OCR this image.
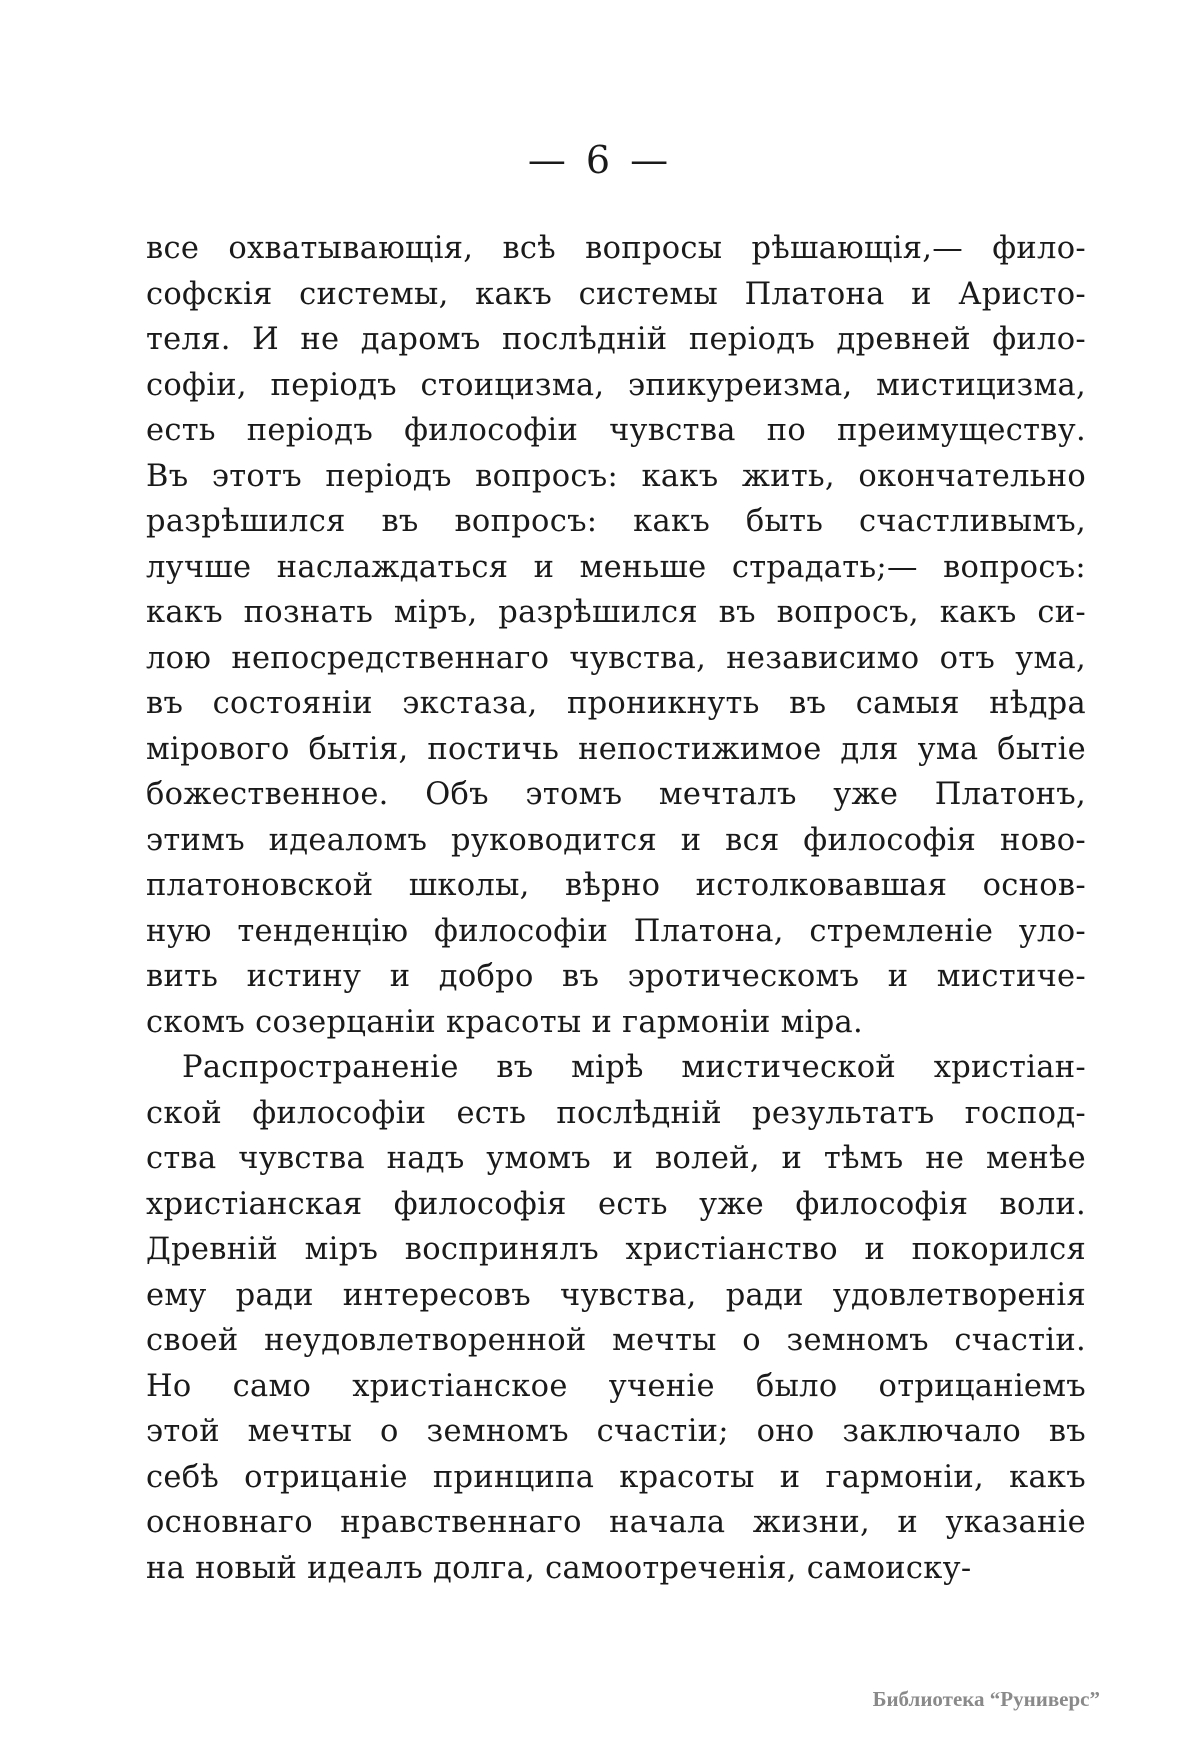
— 6 —
все охватывающія, всѣ вопросы рѣшающія,— фило-
софскія системы, какъ системы Платона и Аристо-
теля. И не даромъ послѣдній періодъ древней фило-
софіи, періодъ стоицизма, эпикуреизма, мистицизма,
есть періодъ философіи чувства по преимуществу.
Въ этотъ періодъ вопросъ: какъ жить, окончательно
разрѣшился въ вопросъ: какъ быть счастливымъ,
лучше наслаждаться и меньше страдать;— вопросъ:
какъ познать міръ, разрѣшился въ вопросъ, какъ си-
лою непосредственнаго чувства, независимо отъ ума,
въ состояніи экстаза, проникнуть въ самыя нѣдра
мірового бытія, постичь непостижимое для ума бытіе
божественное. Объ этомъ мечталъ уже Платонъ,
этимъ идеаломъ руководится и вся философія ново-
платоновской школы, вѣрно истолковавшая основ-
ную тенденцію философіи Платона, стремленіе уло-
вить истину и добро въ эротическомъ и мистиче-
скомъ созерцаніи красоты и гармоніи міра.
Распространеніе въ мірѣ мистической христіан-
ской философіи есть послѣдній результатъ господ-
ства чувства надъ умомъ и волей, и тѣмъ не менѣе
христіанская философія есть уже философія воли.
Древній міръ воспринялъ христіанство и покорился
ему ради интересовъ чувства, ради удовлетворенія
своей неудовлетворенной мечты о земномъ счастіи.
Но само христіанское ученіе было отрицаніемъ
этой мечты о земномъ счастіи; оно заключало въ
себѣ отрицаніе принципа красоты и гармоніи, какъ
основнаго нравственнаго начала жизни, и указаніе
на новый идеалъ долга, самоотреченія, самоиску-
Библиотека “Руниверс”
